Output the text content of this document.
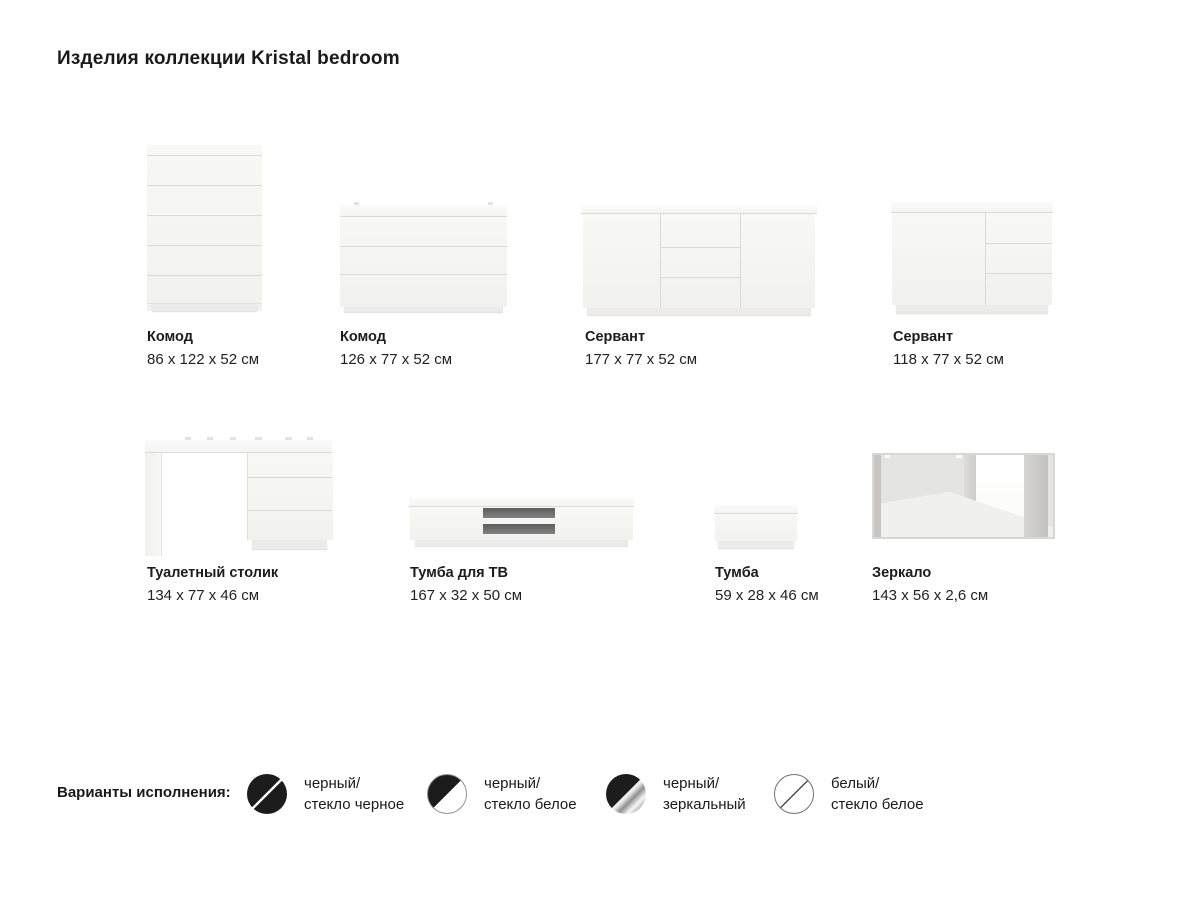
Изделия коллекции Kristal bedroom
Комод
86 x 122 x 52 см
Комод
126 x 77 x 52 см
Сервант
177 x 77 x 52 см
Сервант
118 x 77 x 52 см
Туалетный столик
134 x 77 x 46 см
Тумба для ТВ
167 x 32 x 50 см
Тумба
59 x 28 x 46 см
Зеркало
143 x 56 x 2,6 см
Варианты исполнения:
черный/
стекло черное
черный/
стекло белое
черный/
зеркальный
белый/
стекло белое
